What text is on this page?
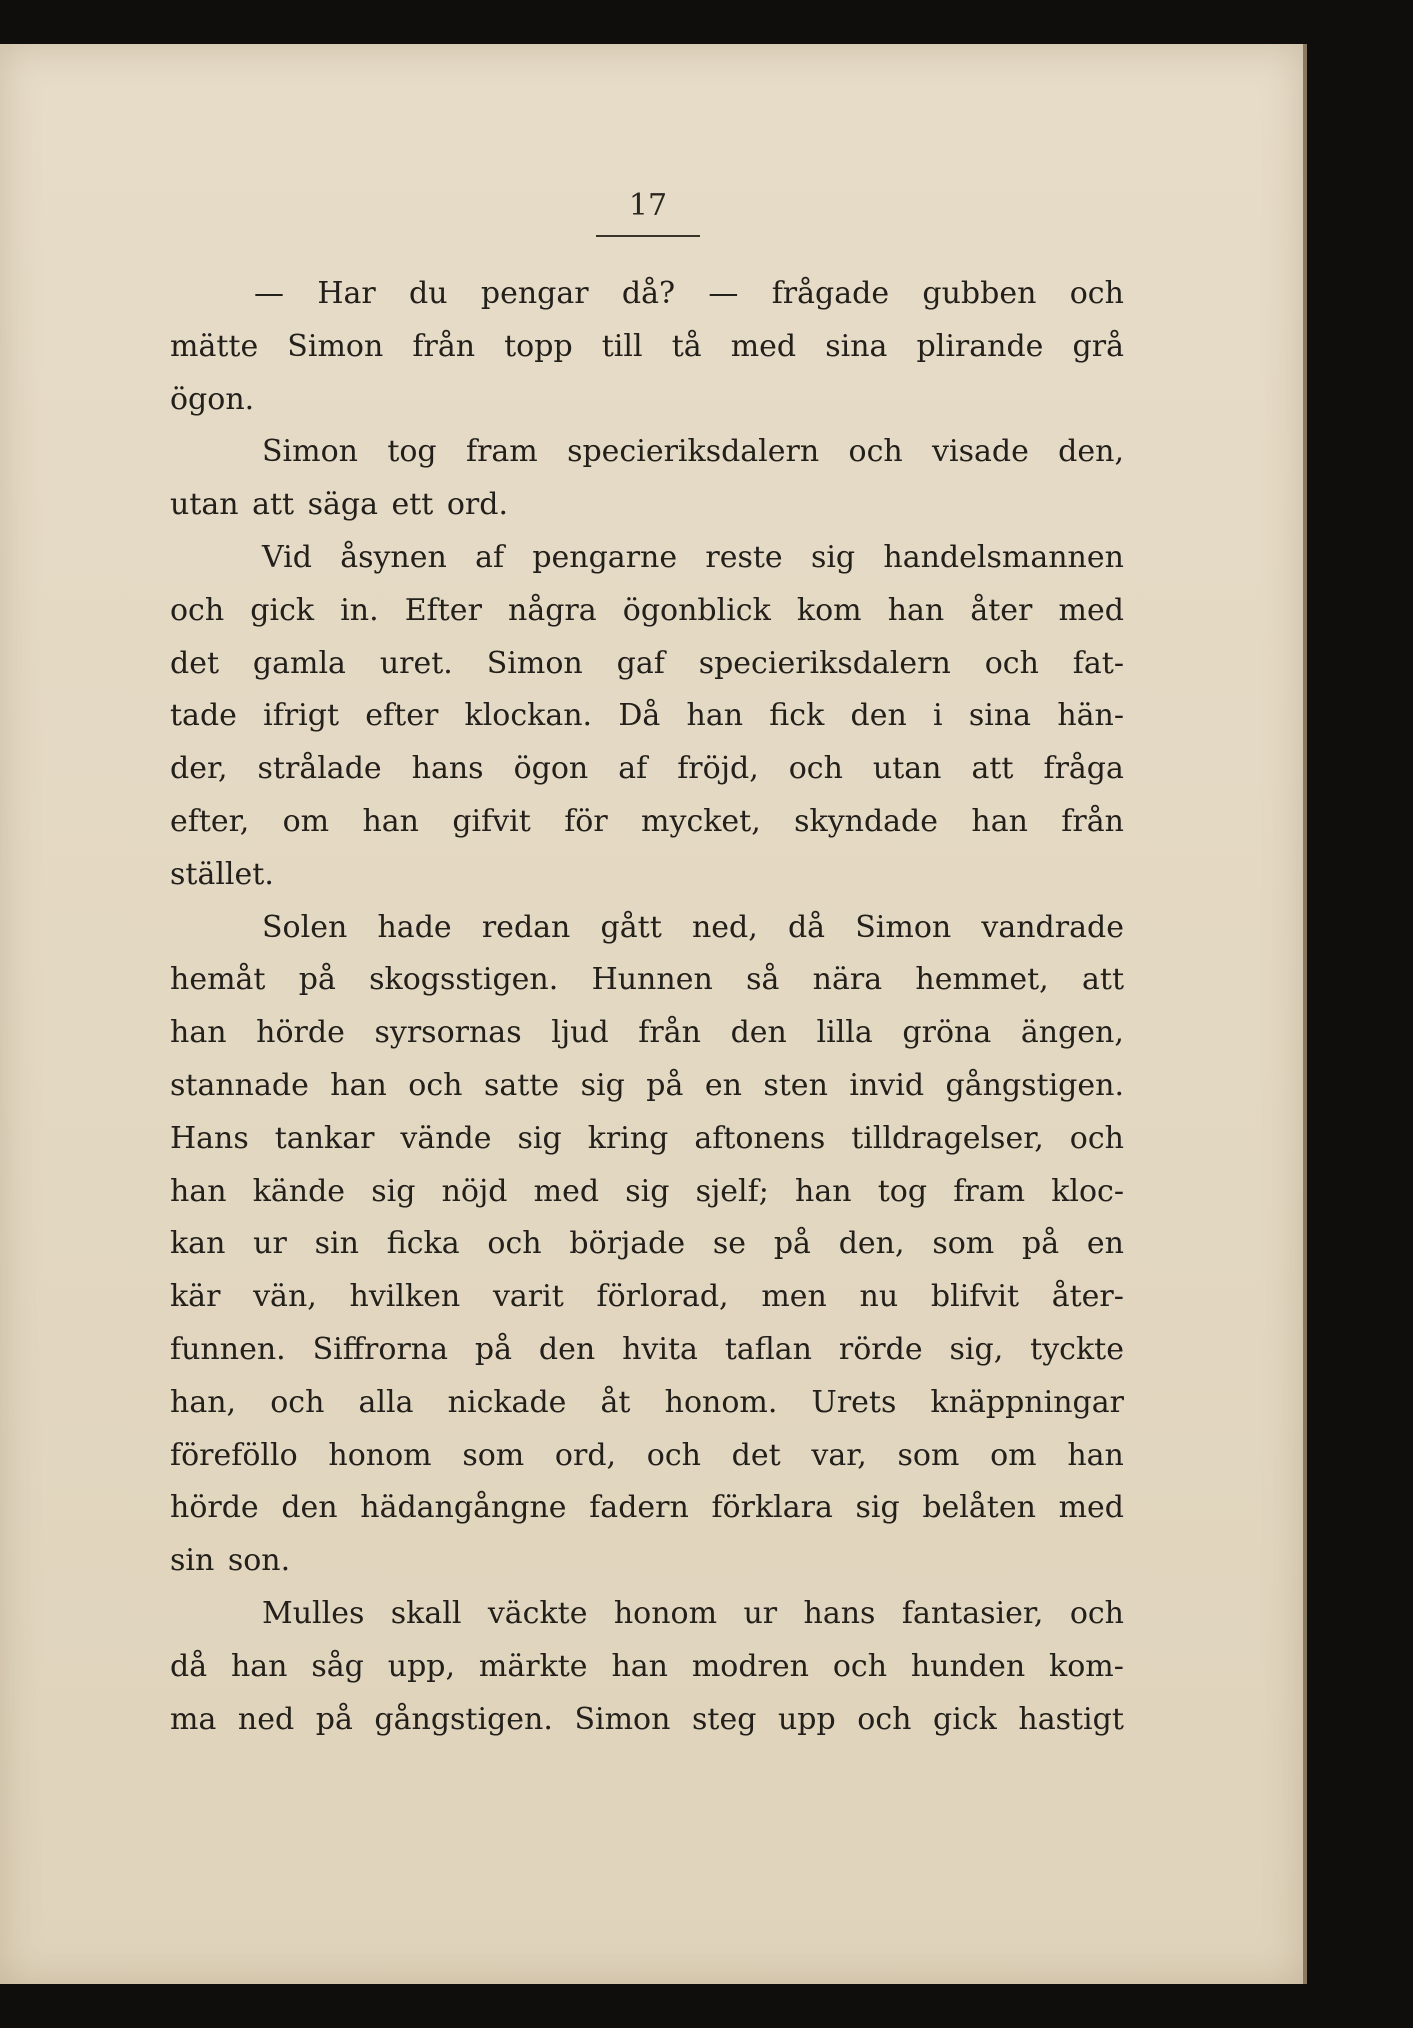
17
— Har du pengar då? — frågade gubben och
mätte Simon från topp till tå med sina plirande grå
ögon.
Simon tog fram specieriksdalern och visade den,
utan att säga ett ord.
Vid åsynen af pengarne reste sig handelsmannen
och gick in. Efter några ögonblick kom han åter med
det gamla uret. Simon gaf specieriksdalern och fat-
tade ifrigt efter klockan. Då han fick den i sina hän-
der, strålade hans ögon af fröjd, och utan att fråga
efter, om han gifvit för mycket, skyndade han från
stället.
Solen hade redan gått ned, då Simon vandrade
hemåt på skogsstigen. Hunnen så nära hemmet, att
han hörde syrsornas ljud från den lilla gröna ängen,
stannade han och satte sig på en sten invid gångstigen.
Hans tankar vände sig kring aftonens tilldragelser, och
han kände sig nöjd med sig sjelf; han tog fram kloc-
kan ur sin ficka och började se på den, som på en
kär vän, hvilken varit förlorad, men nu blifvit åter-
funnen. Siffrorna på den hvita taflan rörde sig, tyckte
han, och alla nickade åt honom. Urets knäppningar
föreföllo honom som ord, och det var, som om han
hörde den hädangångne fadern förklara sig belåten med
sin son.
Mulles skall väckte honom ur hans fantasier, och
då han såg upp, märkte han modren och hunden kom-
ma ned på gångstigen. Simon steg upp och gick hastigt
